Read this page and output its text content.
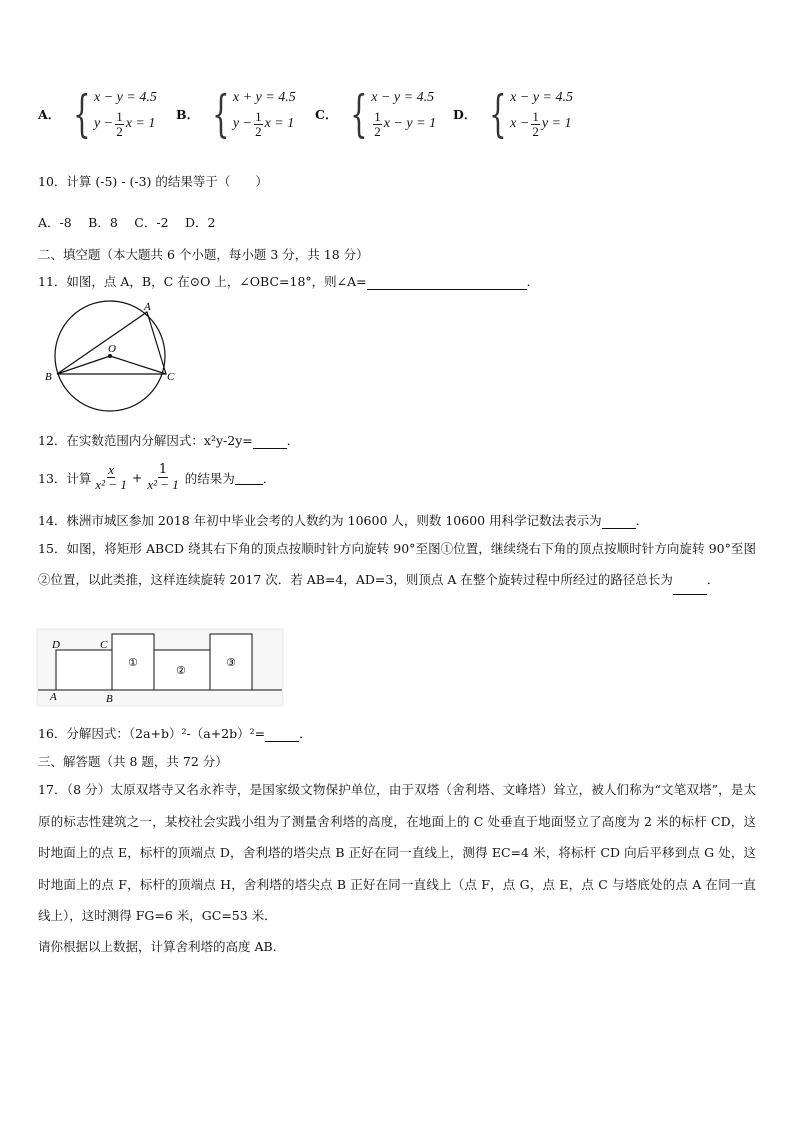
A． { x − y = 4.5
$y - \frac{1}{2}$ x = 1
B． { x + y = 4.5
$y - \frac{1}{2}$ x = 1
C． { x − y = 4.5
$\frac{1}{2}$ x − y = 1
D． { x − y = 4.5
$x - \frac{1}{2}$ y = 1
10．计算 (-5) - (-3) 的结果等于（　　）
A．-8　 B．8　 C．-2　 D．2
二、填空题（本大题共 6 个小题，每小题 3 分，共 18 分）
11．如图，点 A，B，C 在⊙O 上，∠OBC=18°，则∠A=	．
A
O
B	C
12．在实数范围内分解因式：x²y-2y=	．
13．计算 $\frac{x}{\text{x² − 1}} + \frac{1}{\text{x² − 1}}$ 的结果为 ．
14．株洲市城区参加 2018 年初中毕业会考的人数约为 10600 人，则数 10600 用科学记数法表示为	．
15．如图，将矩形 ABCD 绕其右下角的顶点按顺时针方向旋转 90°至图①位置，继续绕右下角的顶点按顺时针方向旋转 90°至图②位置，以此类推，这样连续旋转 2017 次．若 AB=4，AD=3，则顶点 A 在整个旋转过程中所经过的路径总长为	．
D	C
A	B
①
②
③
16．分解因式：（2a+b）²-（a+2b）²=	．
三、解答题（共 8 题，共 72 分）
17．（8 分）太原双塔寺又名永祚寺，是国家级文物保护单位，由于双塔（舍利塔、文峰塔）耸立，被人们称为“文笔双塔”，是太原的标志性建筑之一，某校社会实践小组为了测量舍利塔的高度，在地面上的 C 处垂直于地面竖立了高度为 2 米的标杆 CD，这时地面上的点 E，标杆的顶端点 D，舍利塔的塔尖点 B 正好在同一直线上，测得 EC=4 米，将标杆 CD 向后平移到点 G 处，这时地面上的点 F，标杆的顶端点 H，舍利塔的塔尖点 B 正好在同一直线上（点 F，点 G，点 E，点 C 与塔底处的点 A 在同一直线上），这时测得 FG=6 米，GC=53 米．
请你根据以上数据，计算舍利塔的高度 AB．
